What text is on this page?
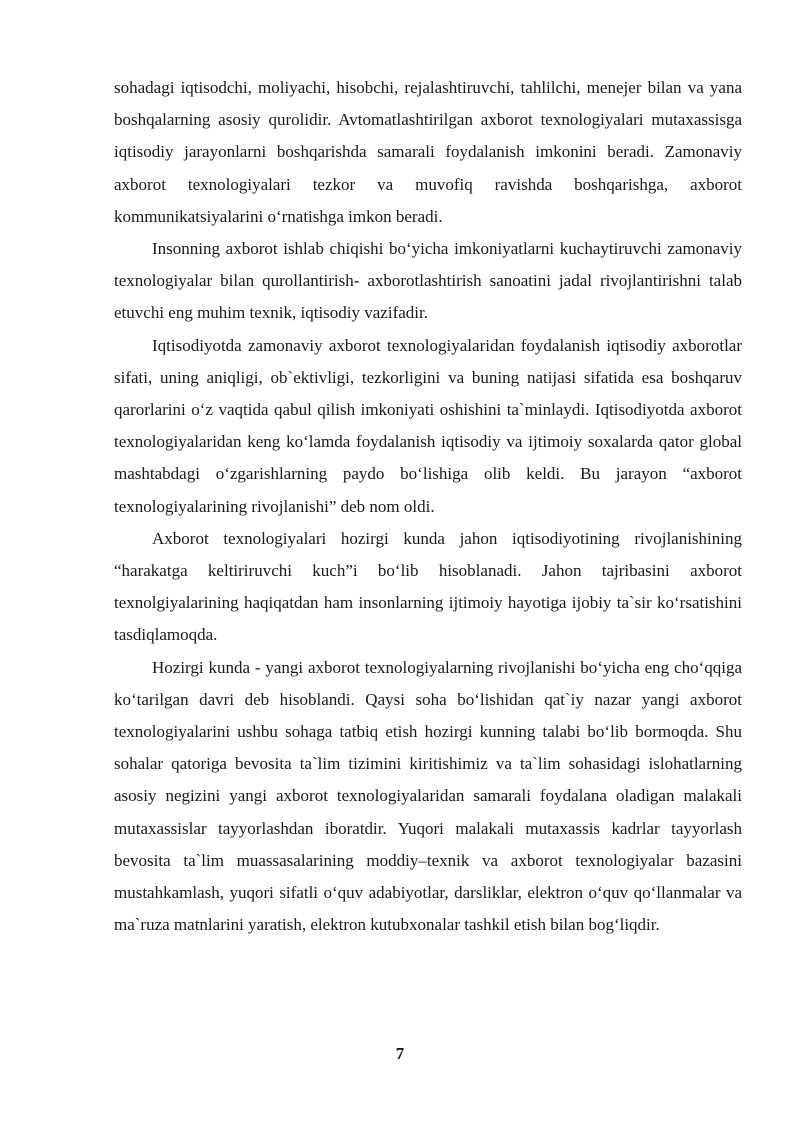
sohadagi iqtisodchi, moliyachi, hisobchi, rejalashtiruvchi, tahlilchi, menejer bilan va yana boshqalarning asosiy qurolidir. Avtomatlashtirilgan axborot texnologiyalari mutaxassisga iqtisodiy jarayonlarni boshqarishda samarali foydalanish imkonini beradi. Zamonaviy axborot texnologiyalari tezkor va muvofiq ravishda boshqarishga, axborot kommunikatsiyalarini o‘rnatishga imkon beradi.

Insonning axborot ishlab chiqishi bo‘yicha imkoniyatlarni kuchaytiruvchi zamonaviy texnologiyalar bilan qurollantirish- axborotlashtirish sanoatini jadal rivojlantirishni talab etuvchi eng muhim texnik, iqtisodiy vazifadir.

Iqtisodiyotda zamonaviy axborot texnologiyalaridan foydalanish iqtisodiy axborotlar sifati, uning aniqligi, ob`ektivligi, tezkorligini va buning natijasi sifatida esa boshqaruv qarorlarini o‘z vaqtida qabul qilish imkoniyati oshishini ta`minlaydi. Iqtisodiyotda axborot texnologiyalaridan keng ko‘lamda foydalanish iqtisodiy va ijtimoiy soxalarda qator global mashtabdagi o‘zgarishlarning paydo bo‘lishiga olib keldi. Bu jarayon “axborot texnologiyalarining rivojlanishi” deb nom oldi.

Axborot texnologiyalari hozirgi kunda jahon iqtisodiyotining rivojlanishining “harakatga keltiriruvchi kuch”i bo‘lib hisoblanadi. Jahon tajribasini axborot texnolgiyalarining haqiqatdan ham insonlarning ijtimoiy hayotiga ijobiy ta`sir ko‘rsatishini tasdiqlamoqda.

Hozirgi kunda - yangi axborot texnologiyalarning rivojlanishi bo‘yicha eng cho‘qqiga ko‘tarilgan davri deb hisoblandi. Qaysi soha bo‘lishidan qat`iy nazar yangi axborot texnologiyalarini ushbu sohaga tatbiq etish hozirgi kunning talabi bo‘lib bormoqda. Shu sohalar qatoriga bevosita ta`lim tizimini kiritishimiz va ta`lim sohasidagi islohatlarning asosiy negizini yangi axborot texnologiyalaridan samarali foydalana oladigan malakali mutaxassislar tayyorlashdan iboratdir. Yuqori malakali mutaxassis kadrlar tayyorlash bevosita ta`lim muassasalarining moddiy–texnik va axborot texnologiyalar bazasini mustahkamlash, yuqori sifatli o‘quv adabiyotlar, darsliklar, elektron o‘quv qo‘llanmalar va ma`ruza matnlarini yaratish, elektron kutubxonalar tashkil etish bilan bog‘liqdir.

7
